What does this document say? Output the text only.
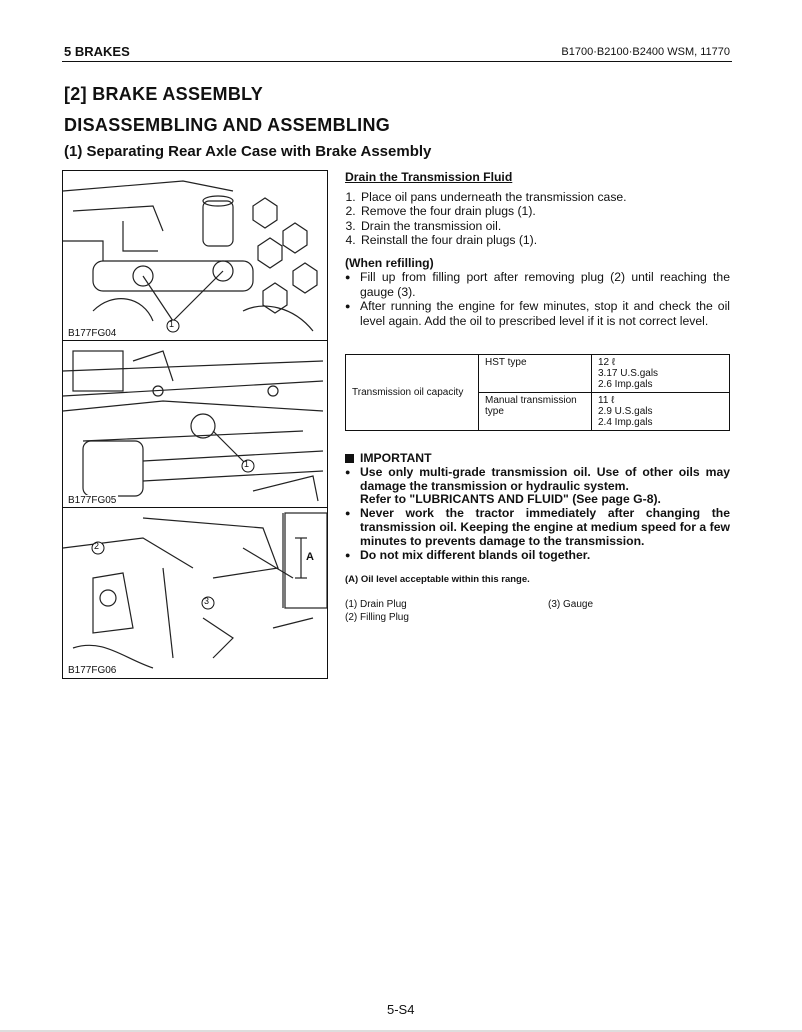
5 BRAKES	B1700·B2100·B2400 WSM, 11770
[2] BRAKE ASSEMBLY
DISASSEMBLING AND ASSEMBLING
(1) Separating Rear Axle Case with Brake Assembly
1
B177FG04
1
B177FG05
2
3
A
B177FG06
Drain the Transmission Fluid
1. Place oil pans underneath the transmission case.
2. Remove the four drain plugs (1).
3. Drain the transmission oil.
4. Reinstall the four drain plugs (1).
(When refilling)
● Fill up from filling port after removing plug (2) until reaching the gauge (3).
● After running the engine for few minutes, stop it and check the oil level again. Add the oil to prescribed level if it is not correct level.
Transmission oil capacity	HST type	12 ℓ
3.17 U.S.gals
2.6 Imp.gals

	Manual transmission type	11 ℓ
2.9 U.S.gals
2.4 Imp.gals
IMPORTANT
● Use only multi-grade transmission oil. Use of other oils may damage the transmission or hydraulic system.
Refer to "LUBRICANTS AND FLUID" (See page G-8).
● Never work the tractor immediately after changing the transmission oil. Keeping the engine at medium speed for a few minutes to prevents damage to the transmission.
● Do not mix different blands oil together.
(A) Oil level acceptable within this range.
(1) Drain Plug
(2) Filling Plug
(3) Gauge
5-S4
